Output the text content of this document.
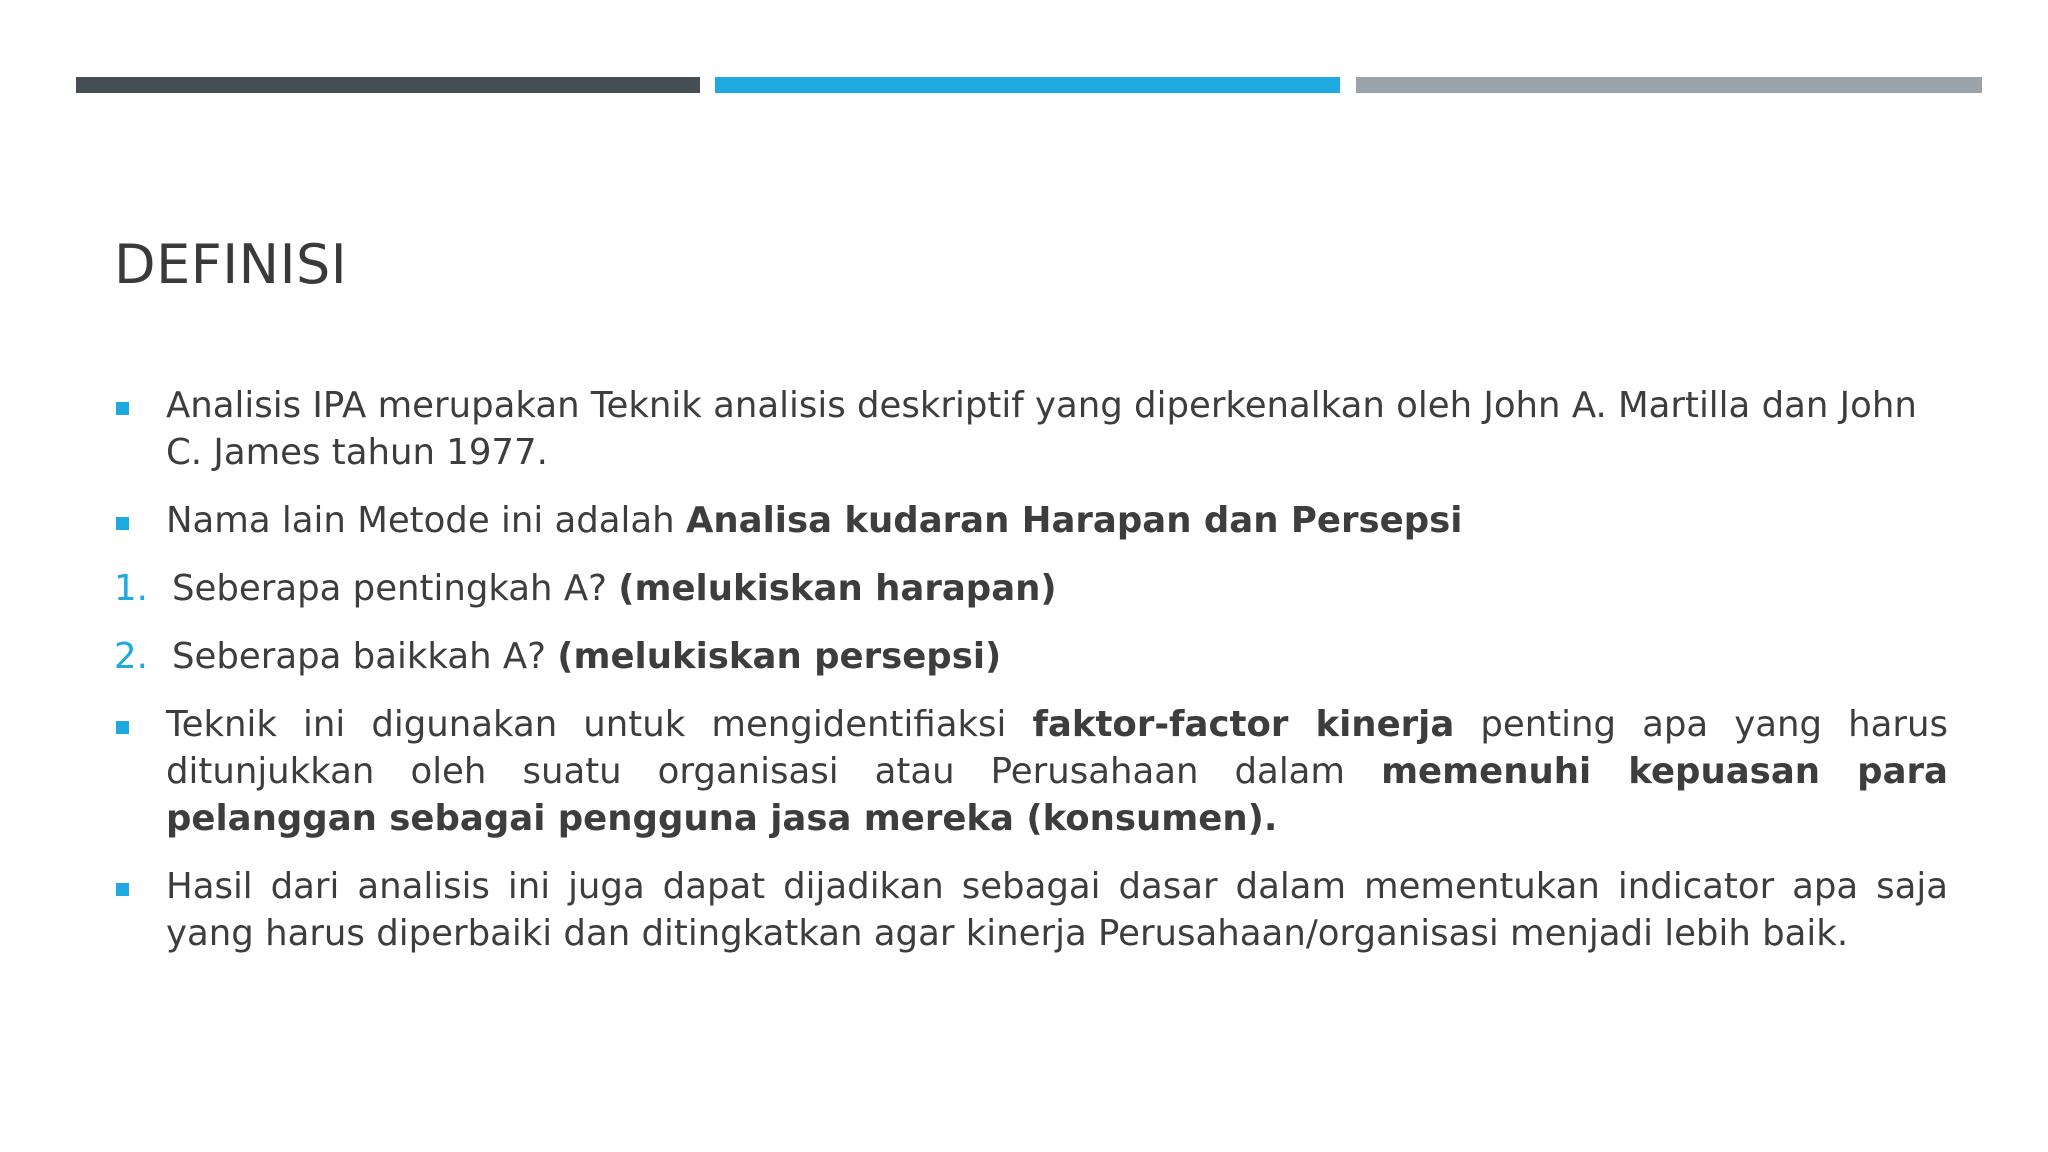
DEFINISI
Analisis IPA merupakan Teknik analisis deskriptif yang diperkenalkan oleh John A. Martilla dan John C. James tahun 1977.
Nama lain Metode ini adalah Analisa kudaran Harapan dan Persepsi
1. Seberapa pentingkah A? (melukiskan harapan)
2. Seberapa baikkah A? (melukiskan persepsi)
Teknik ini digunakan untuk mengidentifiaksi faktor-factor kinerja penting apa yang harus ditunjukkan oleh suatu organisasi atau Perusahaan dalam memenuhi kepuasan para pelanggan sebagai pengguna jasa mereka (konsumen).
Hasil dari analisis ini juga dapat dijadikan sebagai dasar dalam mementukan indicator apa saja yang harus diperbaiki dan ditingkatkan agar kinerja Perusahaan/organisasi menjadi lebih baik.
